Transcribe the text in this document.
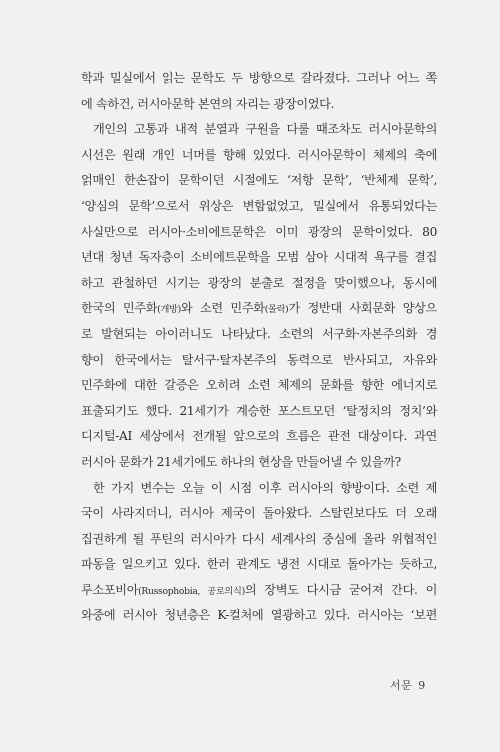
학과 밀실에서 읽는 문학도 두 방향으로 갈라졌다. 그러나 어느 쪽
에 속하건, 러시아문학 본연의 자리는 광장이었다.
개인의 고통과 내적 분열과 구원을 다룰 때조차도 러시아문학의
시선은 원래 개인 너머를 향해 있었다. 러시아문학이 체제의 축에
얽매인 한손잡이 문학이던 시절에도 ‘저항 문학’, ‘반체제 문학’,
‘양심의 문학’으로서 위상은 변함없었고, 밀실에서 유통되었다는
사실만으로 러시아·소비에트문학은 이미 광장의 문학이었다. 80
년대 청년 독자층이 소비에트문학을 모범 삼아 시대적 욕구를 결집
하고 관철하던 시기는 광장의 분출로 절정을 맞이했으나, 동시에
한국의 민주화(개방)와 소련 민주화(몰락)가 정반대 사회문화 양상으
로 발현되는 아이러니도 나타났다. 소련의 서구화·자본주의화 경
향이 한국에서는 탈서구·탈자본주의 동력으로 반사되고, 자유와
민주화에 대한 갈증은 오히려 소련 체제의 문화를 향한 에너지로
표출되기도 했다. 21세기가 계승한 포스트모던 ‘탈정치의 정치’와
디지털-AI 세상에서 전개될 앞으로의 흐름은 관전 대상이다. 과연
러시아 문화가 21세기에도 하나의 현상을 만들어낼 수 있을까?
한 가지 변수는 오늘 이 시점 이후 러시아의 향방이다. 소련 제
국이 사라지더니, 러시아 제국이 돌아왔다. 스탈린보다도 더 오래
집권하게 될 푸틴의 러시아가 다시 세계사의 중심에 올라 위협적인
파동을 일으키고 있다. 한러 관계도 냉전 시대로 돌아가는 듯하고,
루소포비아(Russophobia, 공로의식)의 장벽도 다시금 굳어져 간다. 이
와중에 러시아 청년층은 K-컬처에 열광하고 있다. 러시아는 ‘보편
서문 9
